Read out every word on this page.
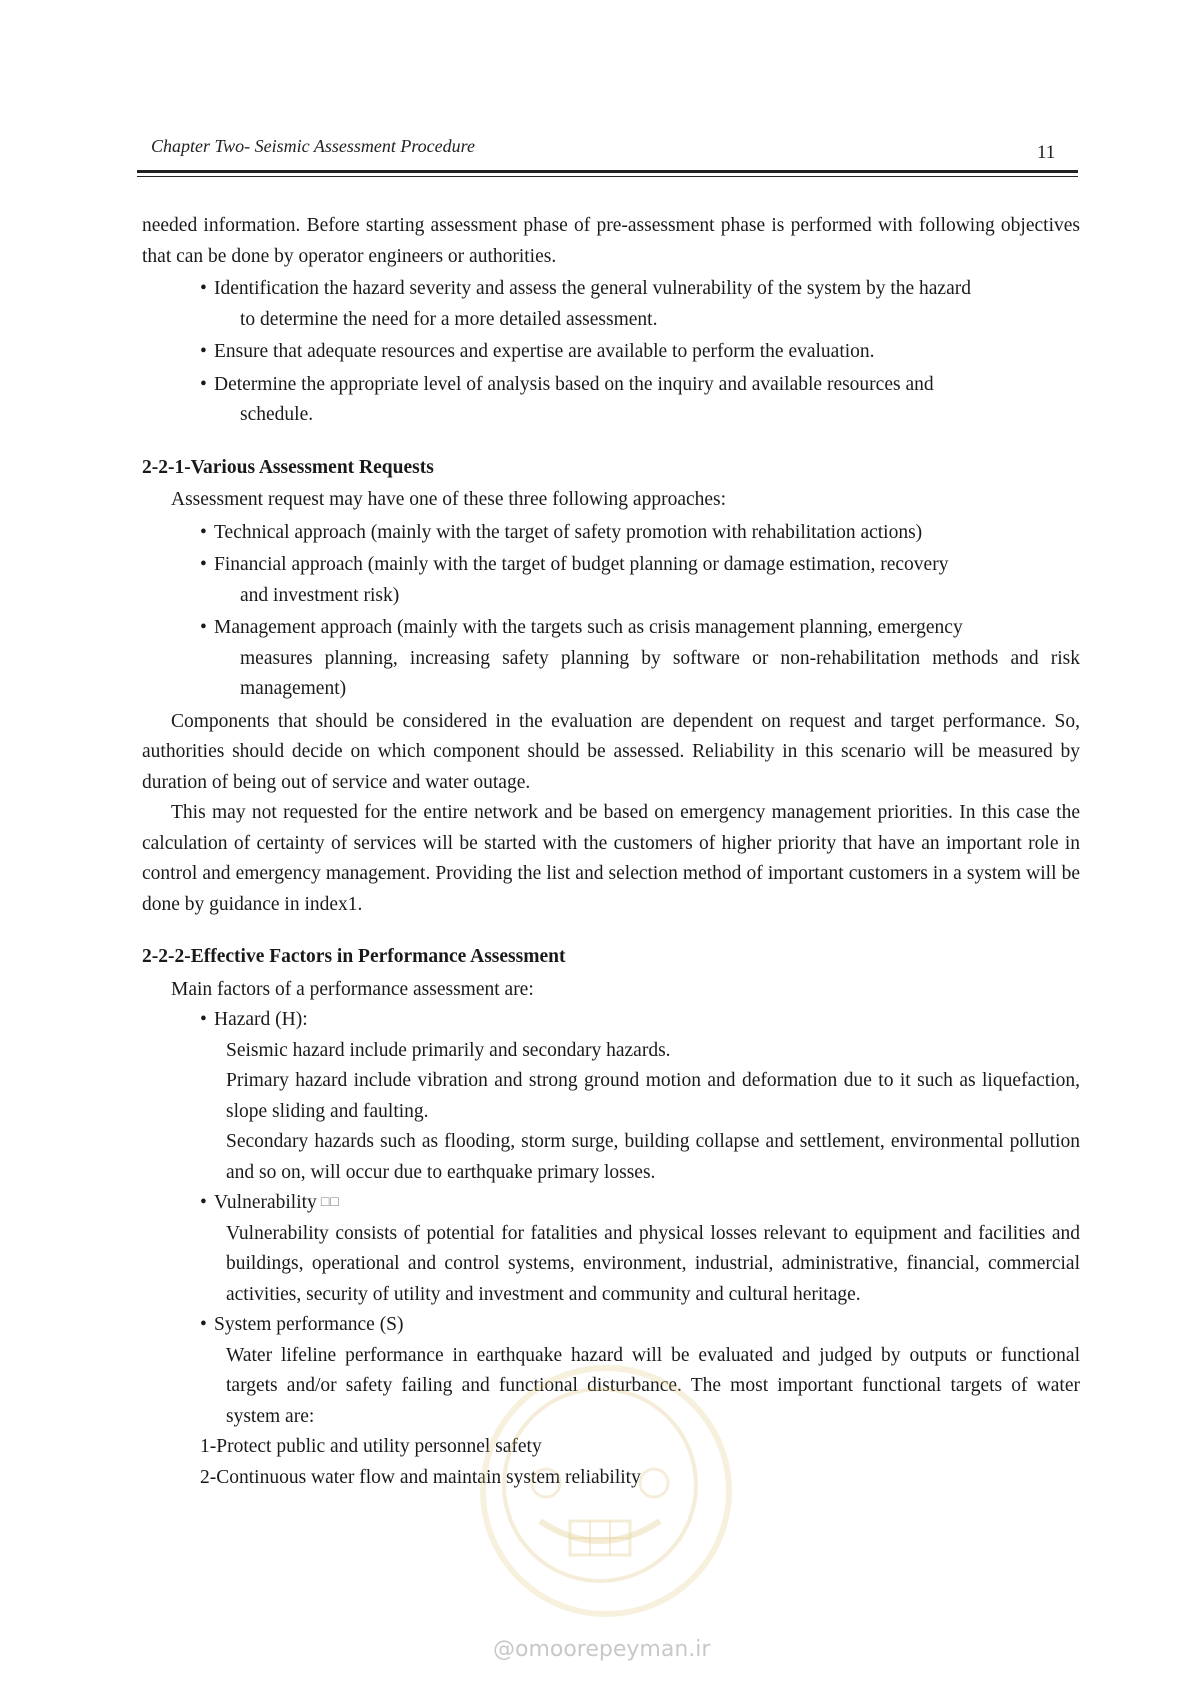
Chapter Two- Seismic Assessment Procedure	11

needed information. Before starting assessment phase of pre-assessment phase is performed with following objectives that can be done by operator engineers or authorities.

• Identification the hazard severity and assess the general vulnerability of the system by the hazard
to determine the need for a more detailed assessment.
• Ensure that adequate resources and expertise are available to perform the evaluation.
• Determine the appropriate level of analysis based on the inquiry and available resources and
schedule.

2-2-1-Various Assessment Requests

Assessment request may have one of these three following approaches:

• Technical approach (mainly with the target of safety promotion with rehabilitation actions)
• Financial approach (mainly with the target of budget planning or damage estimation, recovery
and investment risk)
• Management approach (mainly with the targets such as crisis management planning, emergency
measures planning, increasing safety planning by software or non-rehabilitation methods and risk management)

Components that should be considered in the evaluation are dependent on request and target performance. So, authorities should decide on which component should be assessed. Reliability in this scenario will be measured by duration of being out of service and water outage.

This may not requested for the entire network and be based on emergency management priorities. In this case the calculation of certainty of services will be started with the customers of higher priority that have an important role in control and emergency management. Providing the list and selection method of important customers in a system will be done by guidance in index1.

2-2-2-Effective Factors in Performance Assessment

Main factors of a performance assessment are:

• Hazard (H):

Seismic hazard include primarily and secondary hazards.

Primary hazard include vibration and strong ground motion and deformation due to it such as liquefaction, slope sliding and faulting.

Secondary hazards such as flooding, storm surge, building collapse and settlement, environmental pollution and so on, will occur due to earthquake primary losses.

• Vulnerability □□

Vulnerability consists of potential for fatalities and physical losses relevant to equipment and facilities and buildings, operational and control systems, environment, industrial, administrative, financial, commercial activities, security of utility and investment and community and cultural heritage.

• System performance (S)

Water lifeline performance in earthquake hazard will be evaluated and judged by outputs or functional targets and/or safety failing and functional disturbance. The most important functional targets of water system are:

1-Protect public and utility personnel safety
2-Continuous water flow and maintain system reliability
@omoorepeyman.ir
